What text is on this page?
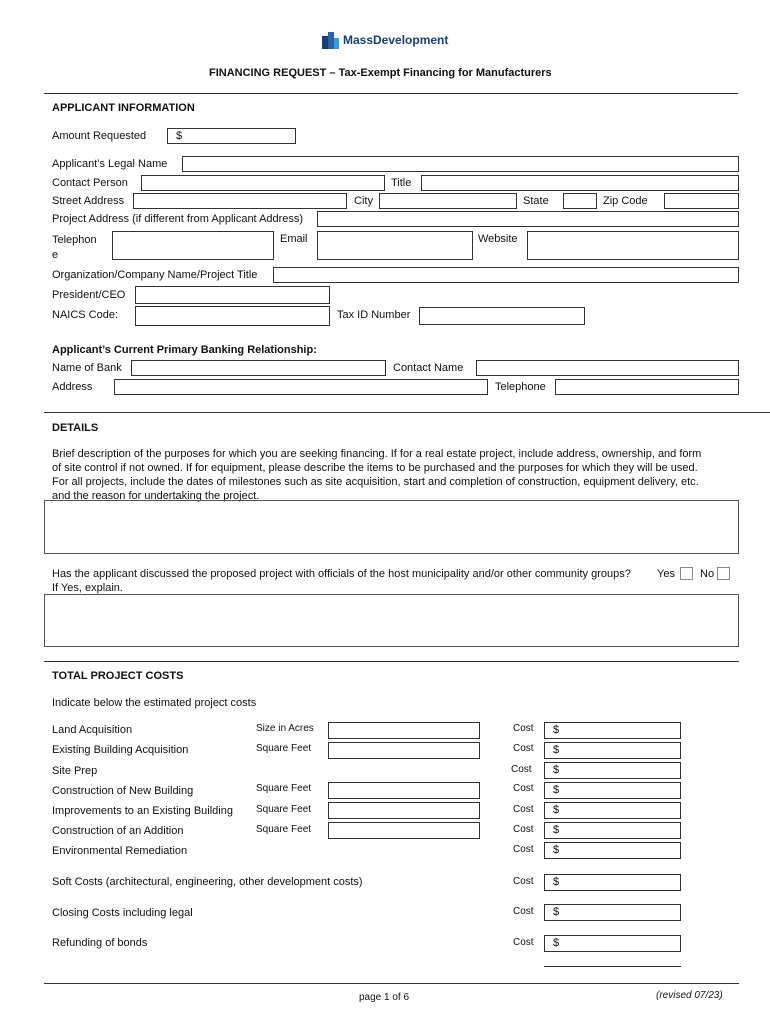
MassDevelopment
FINANCING REQUEST – Tax-Exempt Financing for Manufacturers
APPLICANT INFORMATION
Amount Requested	$
Applicant’s Legal Name
Contact Person	Title
Street Address	City	State	Zip Code
Project Address (if different from Applicant Address)
Telephon
e
Email	Website
Organization/Company Name/Project Title
President/CEO
NAICS Code:	Tax ID Number
Applicant’s Current Primary Banking Relationship:
Name of Bank	Contact Name
Address	Telephone
DETAILS
Brief description of the purposes for which you are seeking financing. If for a real estate project, include address, ownership, and form
of site control if not owned. If for equipment, please describe the items to be purchased and the purposes for which they will be used.
For all projects, include the dates of milestones such as site acquisition, start and completion of construction, equipment delivery, etc.
and the reason for undertaking the project.
Has the applicant discussed the proposed project with officials of the host municipality and/or other community groups? Yes No
If Yes, explain.
TOTAL PROJECT COSTS
Indicate below the estimated project costs
Land Acquisition	Size in Acres	Cost $
Existing Building Acquisition	Square Feet	Cost $
Site Prep	Cost $
Construction of New Building	Square Feet	Cost $
Improvements to an Existing Building Square Feet	Cost $
Construction of an Addition	Square Feet	Cost $
Environmental Remediation	Cost $
Soft Costs (architectural, engineering, other development costs)	Cost $
Closing Costs including legal	Cost $
Refunding of bonds	Cost $
page 1 of 6	(revised 07/23)
